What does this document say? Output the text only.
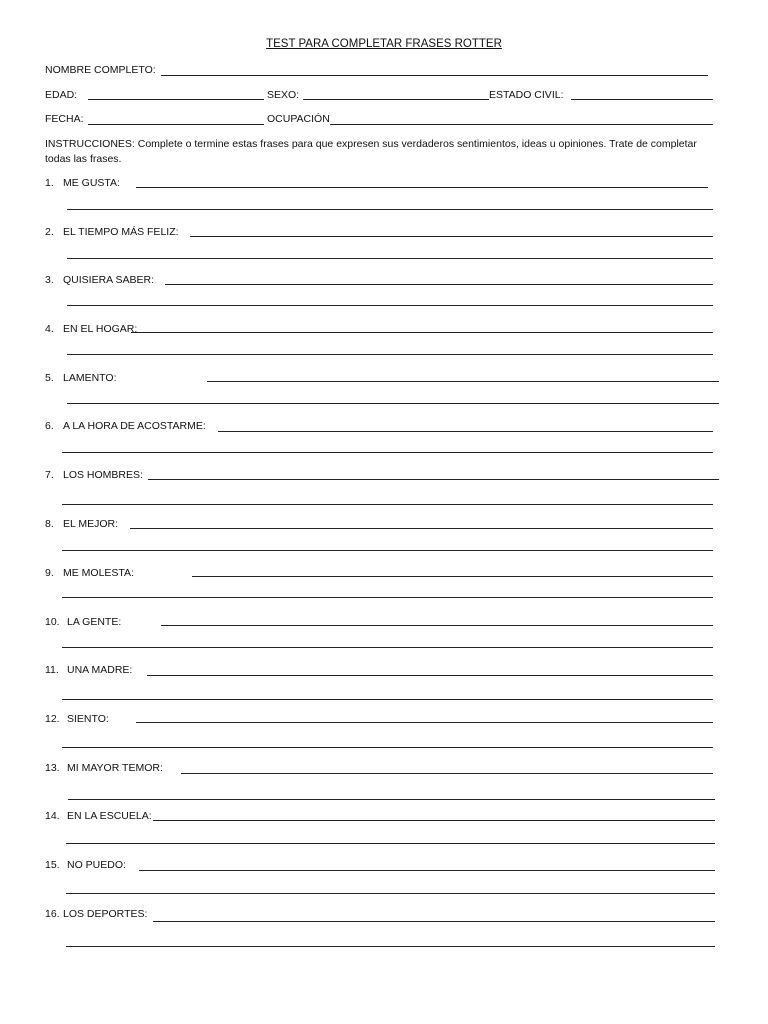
TEST PARA COMPLETAR FRASES ROTTER
NOMBRE COMPLETO:
EDAD:	SEXO:	ESTADO CIVIL:
FECHA:	OCUPACIÓN
INSTRUCCIONES: Complete o termine estas frases para que expresen sus verdaderos sentimientos, ideas u opiniones. Trate de completar todas las frases.
1. ME GUSTA:
2. EL TIEMPO MÁS FELIZ:
3. QUISIERA SABER:
4. EN EL HOGAR:
5. LAMENTO:
6. A LA HORA DE ACOSTARME:
7. LOS HOMBRES:
8. EL MEJOR:
9. ME MOLESTA:
10. LA GENTE:
11. UNA MADRE:
12. SIENTO:
13. MI MAYOR TEMOR:
14. EN LA ESCUELA:
15. NO PUEDO:
16. LOS DEPORTES:
